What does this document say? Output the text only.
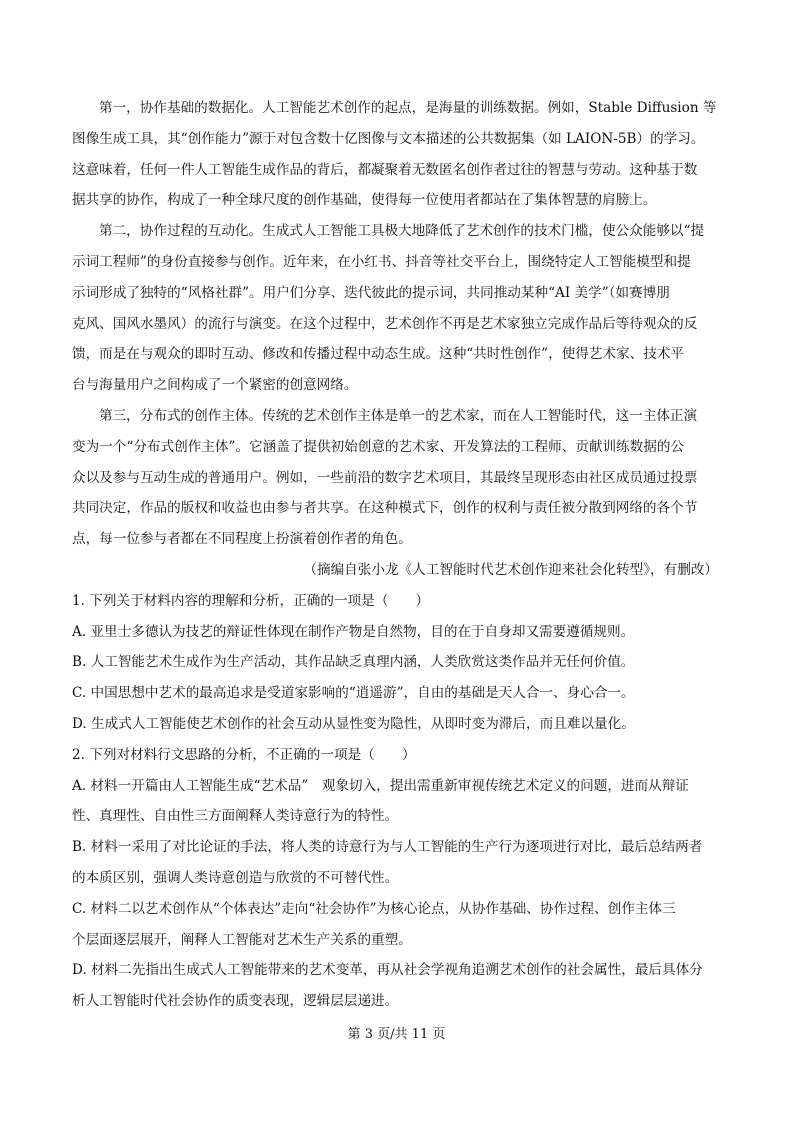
第一，协作基础的数据化。人工智能艺术创作的起点，是海量的训练数据。例如，Stable Diffusion 等
图像生成工具，其“创作能力”源于对包含数十亿图像与文本描述的公共数据集（如 LAION-5B）的学习。
这意味着，任何一件人工智能生成作品的背后，都凝聚着无数匿名创作者过往的智慧与劳动。这种基于数
据共享的协作，构成了一种全球尺度的创作基础，使得每一位使用者都站在了集体智慧的肩膀上。
第二，协作过程的互动化。生成式人工智能工具极大地降低了艺术创作的技术门槛，使公众能够以“提
示词工程师”的身份直接参与创作。近年来，在小红书、抖音等社交平台上，围绕特定人工智能模型和提
示词形成了独特的“风格社群”。用户们分享、迭代彼此的提示词，共同推动某种“AI 美学”（如赛博朋
克风、国风水墨风）的流行与演变。在这个过程中，艺术创作不再是艺术家独立完成作品后等待观众的反
馈，而是在与观众的即时互动、修改和传播过程中动态生成。这种“共时性创作”，使得艺术家、技术平
台与海量用户之间构成了一个紧密的创意网络。
第三，分布式的创作主体。传统的艺术创作主体是单一的艺术家，而在人工智能时代，这一主体正演
变为一个“分布式创作主体”。它涵盖了提供初始创意的艺术家、开发算法的工程师、贡献训练数据的公
众以及参与互动生成的普通用户。例如，一些前沿的数字艺术项目，其最终呈现形态由社区成员通过投票
共同决定，作品的版权和收益也由参与者共享。在这种模式下，创作的权利与责任被分散到网络的各个节
点，每一位参与者都在不同程度上扮演着创作者的角色。
（摘编自张小龙《人工智能时代艺术创作迎来社会化转型》，有删改）
1. 下列关于材料内容的理解和分析，正确的一项是（　　）
A. 亚里士多德认为技艺的辩证性体现在制作产物是自然物，目的在于自身却又需要遵循规则。
B. 人工智能艺术生成作为生产活动，其作品缺乏真理内涵，人类欣赏这类作品并无任何价值。
C. 中国思想中艺术的最高追求是受道家影响的“逍遥游”，自由的基础是天人合一、身心合一。
D. 生成式人工智能使艺术创作的社会互动从显性变为隐性，从即时变为滞后，而且难以量化。
2. 下列对材料行文思路的分析，不正确的一项是（　　）
A. 材料一开篇由人工智能生成“艺术品”　观象切入，提出需重新审视传统艺术定义的问题，进而从辩证
性、真理性、自由性三方面阐释人类诗意行为的特性。
B. 材料一采用了对比论证的手法，将人类的诗意行为与人工智能的生产行为逐项进行对比，最后总结两者
的本质区别，强调人类诗意创造与欣赏的不可替代性。
C. 材料二以艺术创作从“个体表达”走向“社会协作”为核心论点，从协作基础、协作过程、创作主体三
个层面逐层展开，阐释人工智能对艺术生产关系的重塑。
D. 材料二先指出生成式人工智能带来的艺术变革，再从社会学视角追溯艺术创作的社会属性，最后具体分
析人工智能时代社会协作的质变表现，逻辑层层递进。
第 3 页/共 11 页
